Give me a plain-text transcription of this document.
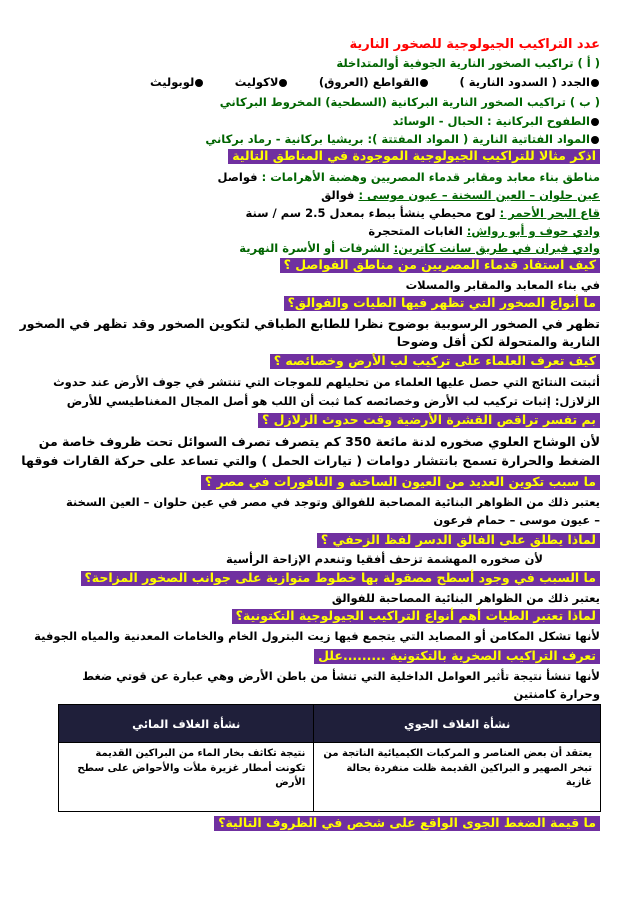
عدد التراكيب الجيولوجية للصخور النارية
( أ ) تراكيب الصخور النارية الجوفية أوالمتداخلة
الجدد ( السدود النارية )
القواطع (العروق)
لاكوليث
لوبوليث
( ب ) تراكيب الصخور النارية البركانية (السطحية) المخروط البركاني
الطفوح البركانية : الحبال - الوسائد
المواد الفتاتية النارية ( المواد المفتتة ): بريشيا بركانية - رماد بركاني
اذكر مثالا للتراكيب الجيولوجية الموجودة في المناطق التالية
مناطق بناء معابد ومقابر قدماء المصريين وهضبة الأهرامات : فواصل
عين حلوان – العين السخنة – عيون موسى : فوالق
قاع البحر الأحمر : لوح محيطي ينشأ ببطء بمعدل 2.5 سم / سنة
وادي حوف و أبو رواش: الغابات المتحجرة
وادي فيران في طريق سانت كاترين: الشرفات أو الأسرة النهرية
كيف استفاد قدماء المصريين من مناطق الفواصل ؟
في بناء المعابد والمقابر والمسلات
ما أنواع الصخور التي تظهر فيها الطيات والفوالق؟
تظهر في الصخور الرسوبية بوضوح نظرا للطابع الطباقي لتكوين الصخور وقد تظهر في الصخور
النارية والمتحولة لكن أقل وضوحا
كيف تعرف العلماء على تركيب لب الأرض وخصائصه ؟
أثبتت النتائج التي حصل عليها العلماء من تحليلهم للموجات التي تنتشر في جوف الأرض عند حدوث
الزلازل: إثبات تركيب لب الأرض وخصائصه كما ثبت أن اللب هو أصل المجال المغناطيسي للأرض
بم تفسر تراقص القشرة الأرضية وقت حدوث الزلازل ؟
لأن الوشاح العلوي صخوره لدنة مائعة 350 كم يتصرف تصرف السوائل تحت ظروف خاصة من
الضغط والحرارة تسمح بانتشار دوامات ( تيارات الحمل ) والتي تساعد على حركة القارات فوقها
ما سبب تكوين العديد من العيون الساخنة و النافورات في مصر ؟
يعتبر ذلك من الظواهر البنائية المصاحبة للفوالق وتوجد في مصر في عين حلوان – العين السخنة
– عيون موسى – حمام فرعون
لماذا يطلق على الفالق الدسر لفظ الزحفي ؟
لأن صخوره المهشمة تزحف أفقيا وتنعدم الإزاحة الرأسية
ما السبب في وجود أسطح مصقولة بها خطوط متوازية على جوانب الصخور المزاحة؟
يعتبر ذلك من الظواهر البنائية المصاحبة للفوالق
لماذا تعتبر الطيات أهم أنواع التراكيب الجيولوجية التكتونية؟
لأنها تشكل المكامن أو المصايد التي يتجمع فيها زيت البترول الخام والخامات المعدنية والمياه الجوفية
تعرف التراكيب الصخرية بالتكتونية .........علل
لأنها تنشأ نتيجة تأثير العوامل الداخلية التي تنشأ من باطن الأرض وهي عبارة عن قوتي ضغط
وحرارة كامنتين
نشأة الغلاف الجوي	نشأة الغلاف المائي
يعتقد أن بعض العناصر و المركبات الكيميائية الناتجة من تبخر الصهير و البراكين القديمة ظلت منفردة بحالة غازية	نتيجة تكاثف بخار الماء من البراكين القديمة تكونت أمطار غزيرة ملأت والأحواض على سطح الأرض
ما قيمة الضغط الجوى الواقع على شخص في الظروف التالية؟
